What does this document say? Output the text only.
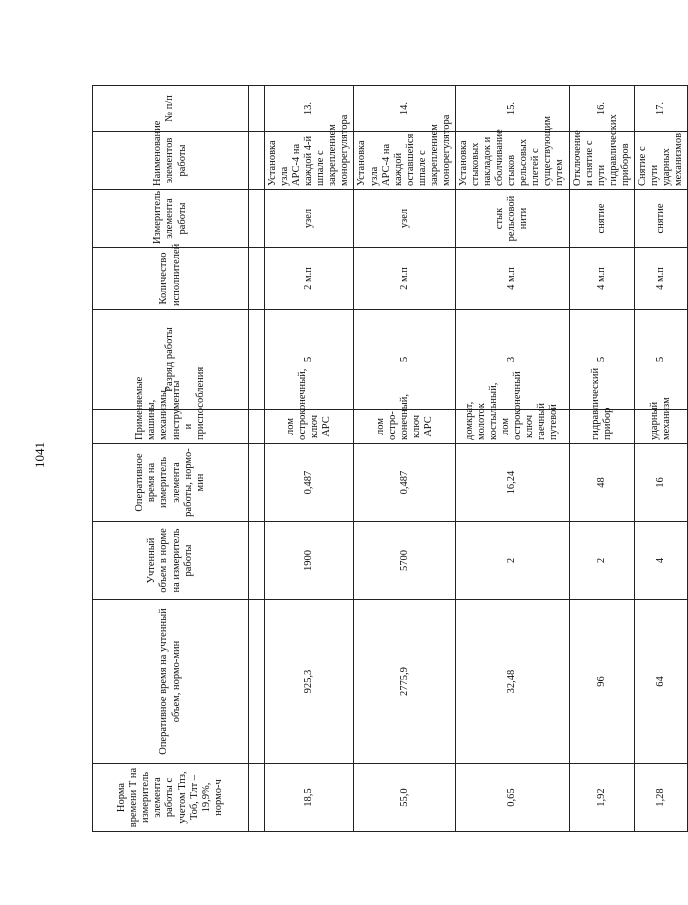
1041
Норма времени Т на измеритель элемента работы с учетом Тпз, Тоб, Тлт – 19,9%, нормо-ч	Оперативное время на учтенный объем, нормо-мин	Учтенный объем в норме на измеритель работы	Оперативное время на измеритель элемента работы, нормо-мин	Применяемые машины, механизмы, инструменты и приспособления	Разряд работы	Количество исполнителей	Измеритель элемента работы	Наименование элементов работы	№ п/п

18,5	925,3	1900	0,487	лом остроконечный, ключ АРС	5	2 м.п	узел	Установка узла АРС-4 на каждой 4-й шпале с закреплением монорегулятора	13.
55,0	2775,9	5700	0,487	лом остро-конечный, ключ АРС	5	2 м.п	узел	Установка узла АРС-4 на каждой оставшейся шпале с закреплением монорегулятора	14.
0,65	32,48	2	16,24	домкрат, молоток костыльный, лом остроконечный ключ гаечный путевой	3	4 м.п	стык рельсовой нити	Установка стыковых накладок и сболчивание стыков рельсовых плетей с существующим путем	15.
1,92	96	2	48	гидравлический прибор	5	4 м.п	снятие	Отключение и снятие с пути гидравлических приборов	16.
1,28	64	4	16	ударный механизм	5	4 м.п	снятие	Снятие с пути ударных механизмов	17.
